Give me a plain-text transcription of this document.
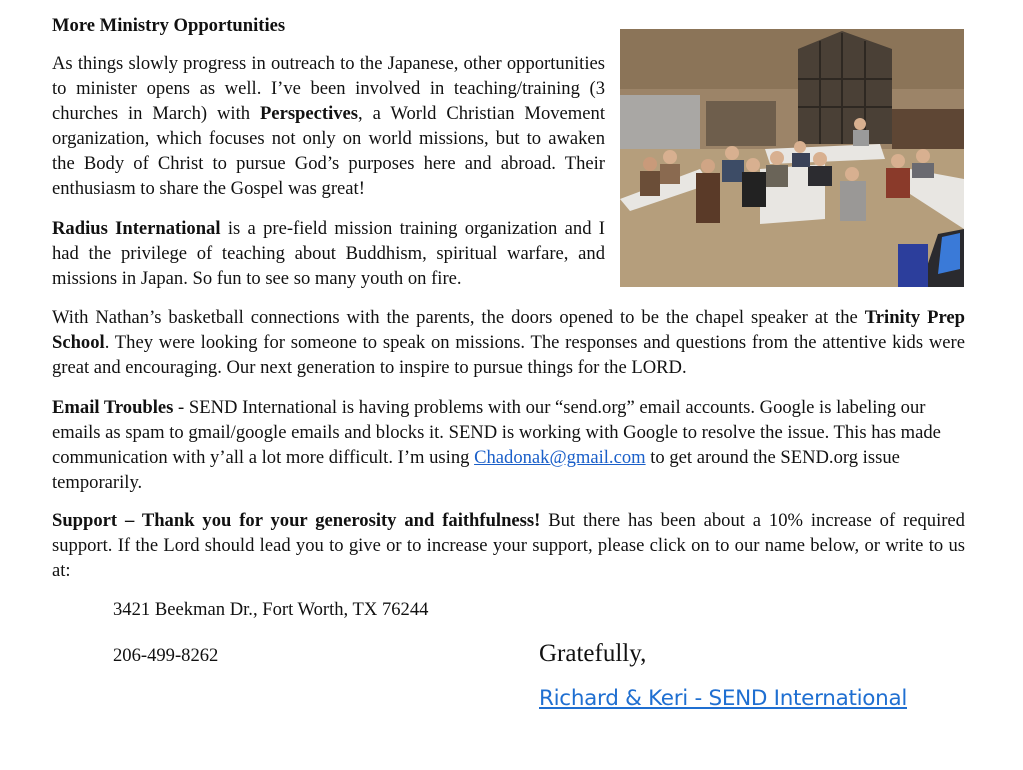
More Ministry Opportunities

As things slowly progress in outreach to the Japanese, other opportunities to minister opens as well. I’ve been involved in teaching/training (3 churches in March) with Perspectives, a World Christian Movement organization, which focuses not only on world missions, but to awaken the Body of Christ to pursue God’s purposes here and abroad. Their enthusiasm to share the Gospel was great!

Radius International is a pre-field mission training organization and I had the privilege of teaching about Buddhism, spiritual warfare, and missions in Japan. So fun to see so many youth on fire.

With Nathan’s basketball connections with the parents, the doors opened to be the chapel speaker at the Trinity Prep School. They were looking for someone to speak on missions. The responses and questions from the attentive kids were great and encouraging. Our next generation to inspire to pursue things for the LORD.

Email Troubles - SEND International is having problems with our “send.org” email accounts. Google is labeling our emails as spam to gmail/google emails and blocks it. SEND is working with Google to resolve the issue. This has made communication with y’all a lot more difficult. I’m using Chadonak@gmail.com to get around the SEND.org issue temporarily.

Support – Thank you for your generosity and faithfulness! But there has been about a 10% increase of required support. If the Lord should lead you to give or to increase your support, please click on to our name below, or write to us at:

3421 Beekman Dr., Fort Worth, TX 76244

206-499-8262	Gratefully,

Richard & Keri - SEND International
